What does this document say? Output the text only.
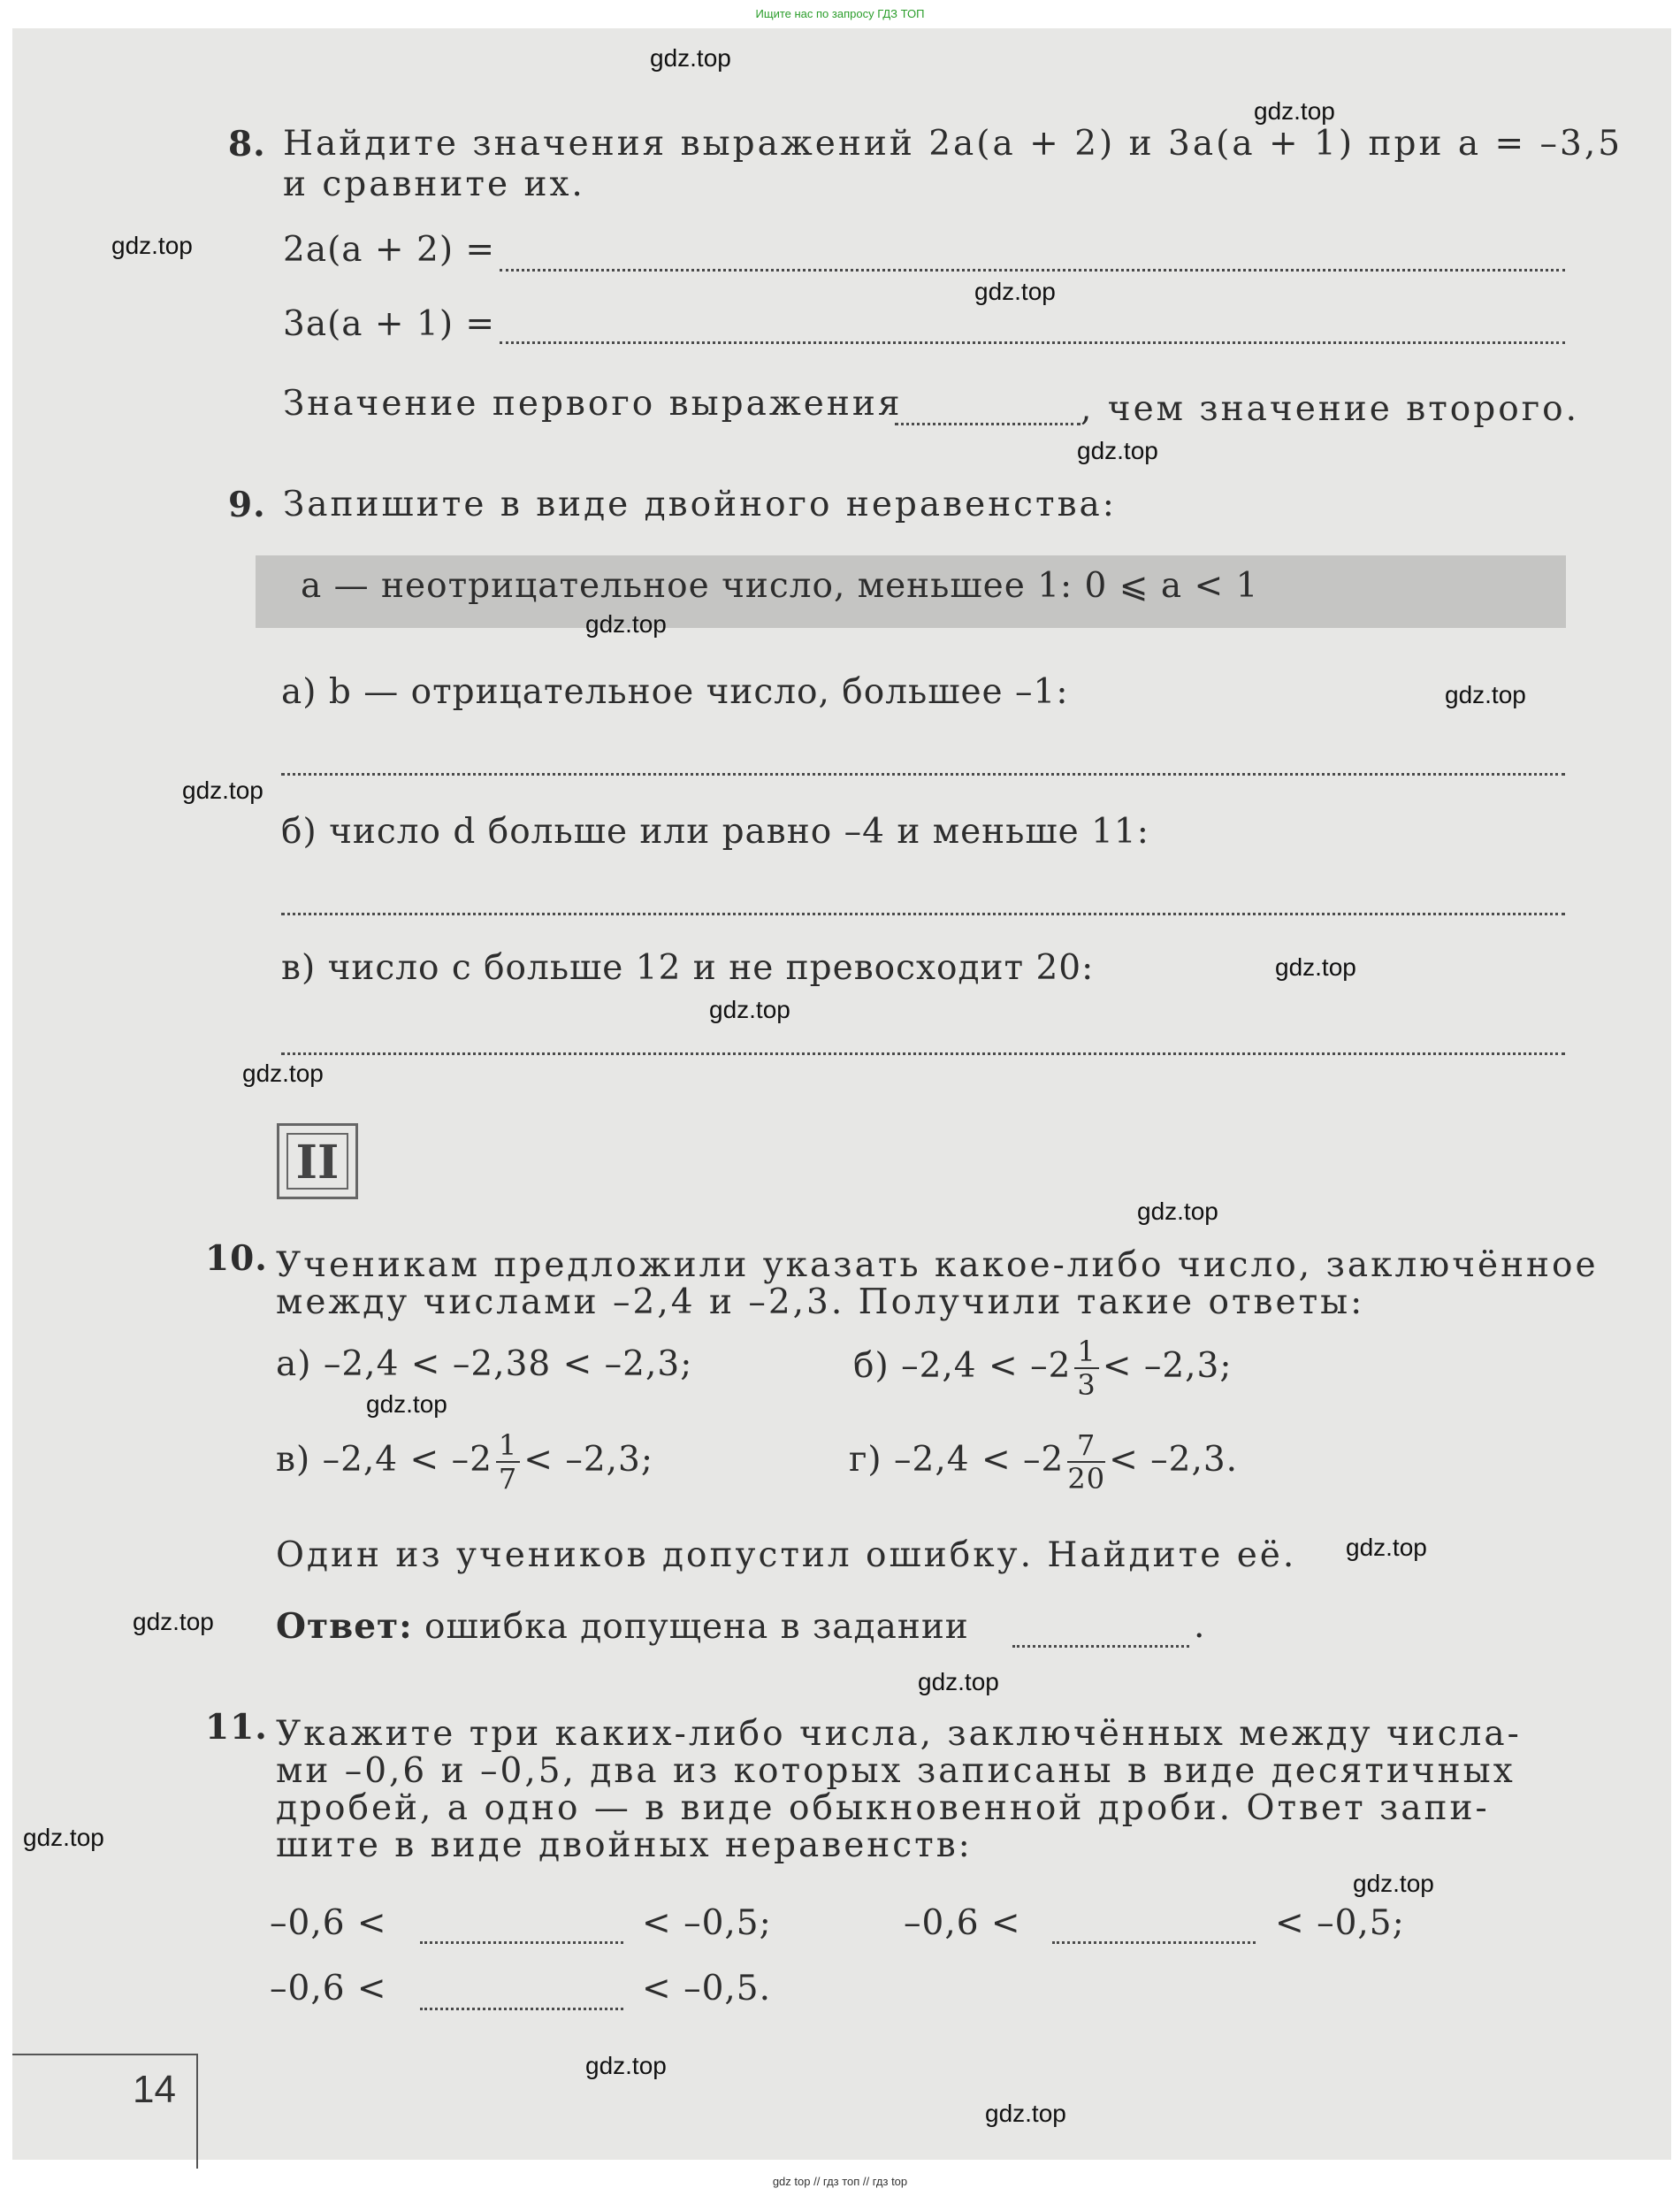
Ищите нас по запросу ГДЗ ТОП
8. Найдите значения выражений 2a(a + 2) и 3a(a + 1) при a = –3,5
и сравните их.
2a(a + 2) =
3a(a + 1) =
Значение первого выражения	, чем значение второго.
9. Запишите в виде двойного неравенства:
a — неотрицательное число, меньшее 1: 0 ⩽ a < 1
а) b — отрицательное число, большее –1:
б) число d больше или равно –4 и меньше 11:
в) число c больше 12 и не превосходит 20:
II
10. Ученикам предложили указать какое-либо число, заключённое
между числами –2,4 и –2,3. Получили такие ответы:
а) –2,4 < –2,38 < –2,3;	б) $-2,4 < -2 \frac{1}{3} < -2,3$;
в) $-2,4 < -2 \frac{1}{7} < -2,3$;	г) $-2,4 < -2 \frac{7}{20} < -2,3$.
Один из учеников допустил ошибку. Найдите её.
Ответ: ошибка допущена в задании	.
11. Укажите три каких-либо числа, заключённых между числа-
ми –0,6 и –0,5, два из которых записаны в виде десятичных
дробей, а одно — в виде обыкновенной дроби. Ответ запи-
шите в виде двойных неравенств:
–0,6 <	< –0,5;	–0,6 <	< –0,5;
–0,6 <	< –0,5.
14
gdz.top
gdz.top
gdz.top
gdz.top
gdz.top
gdz.top
gdz.top
gdz.top
gdz.top
gdz.top
gdz.top
gdz.top
gdz.top
gdz.top
gdz.top
gdz.top
gdz.top
gdz.top
gdz.top
gdz.top
gdz top // гдз топ // гдз top
